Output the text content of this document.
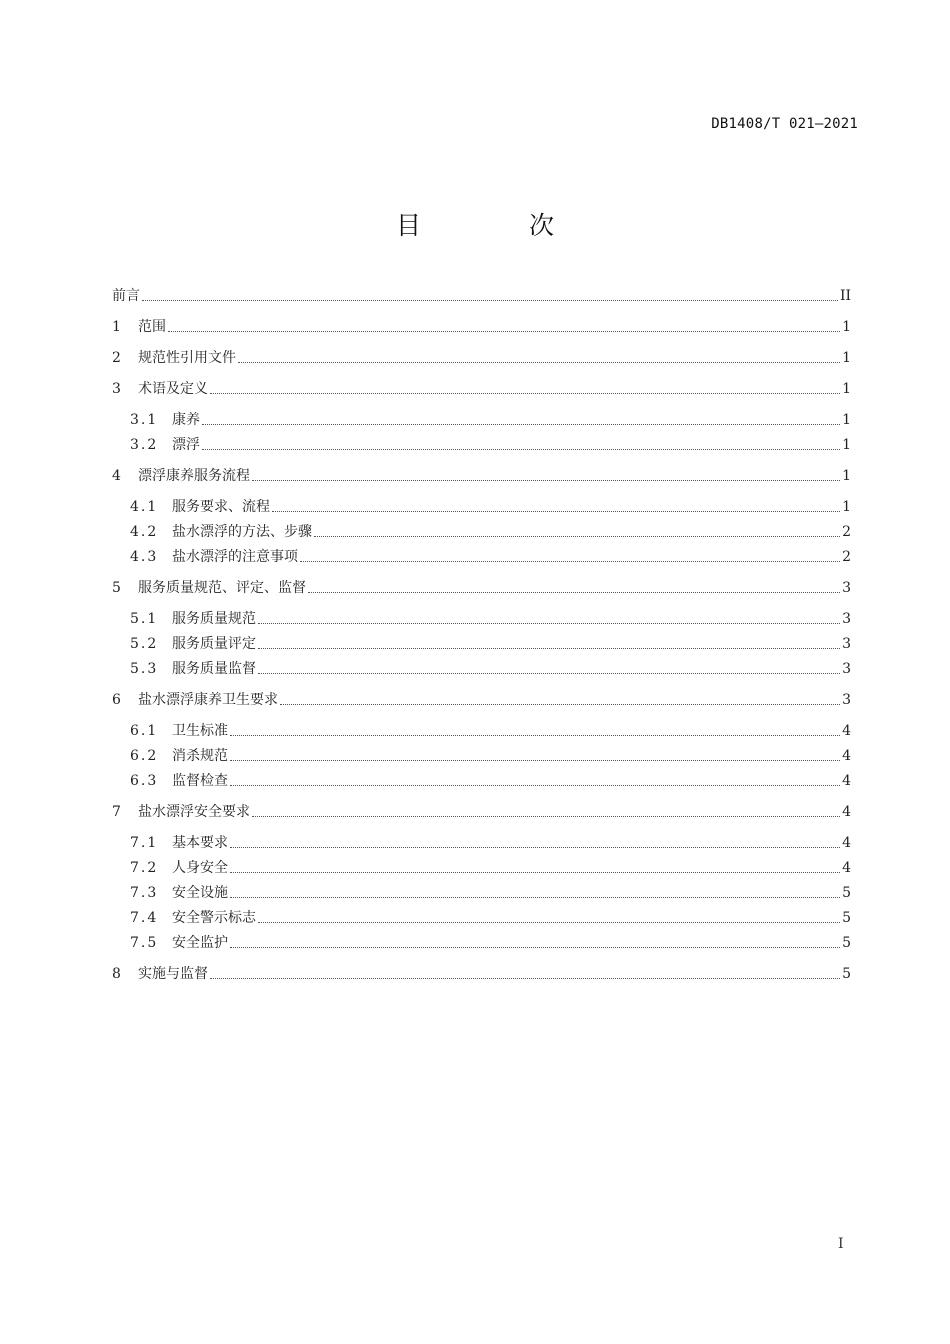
DB1408/T 021—2021
目 次
前言	II
1	范围	1
2	规范性引用文件	1
3	术语及定义	1
3.1 康养	1
3.2 漂浮	1
4	漂浮康养服务流程	1
4.1 服务要求、流程	1
4.2 盐水漂浮的方法、步骤	2
4.3 盐水漂浮的注意事项	2
5	服务质量规范、评定、监督	3
5.1 服务质量规范	3
5.2 服务质量评定	3
5.3 服务质量监督	3
6	盐水漂浮康养卫生要求	3
6.1 卫生标准	4
6.2 消杀规范	4
6.3 监督检查	4
7	盐水漂浮安全要求	4
7.1 基本要求	4
7.2 人身安全	4
7.3 安全设施	5
7.4 安全警示标志	5
7.5 安全监护	5
8	实施与监督	5
I
